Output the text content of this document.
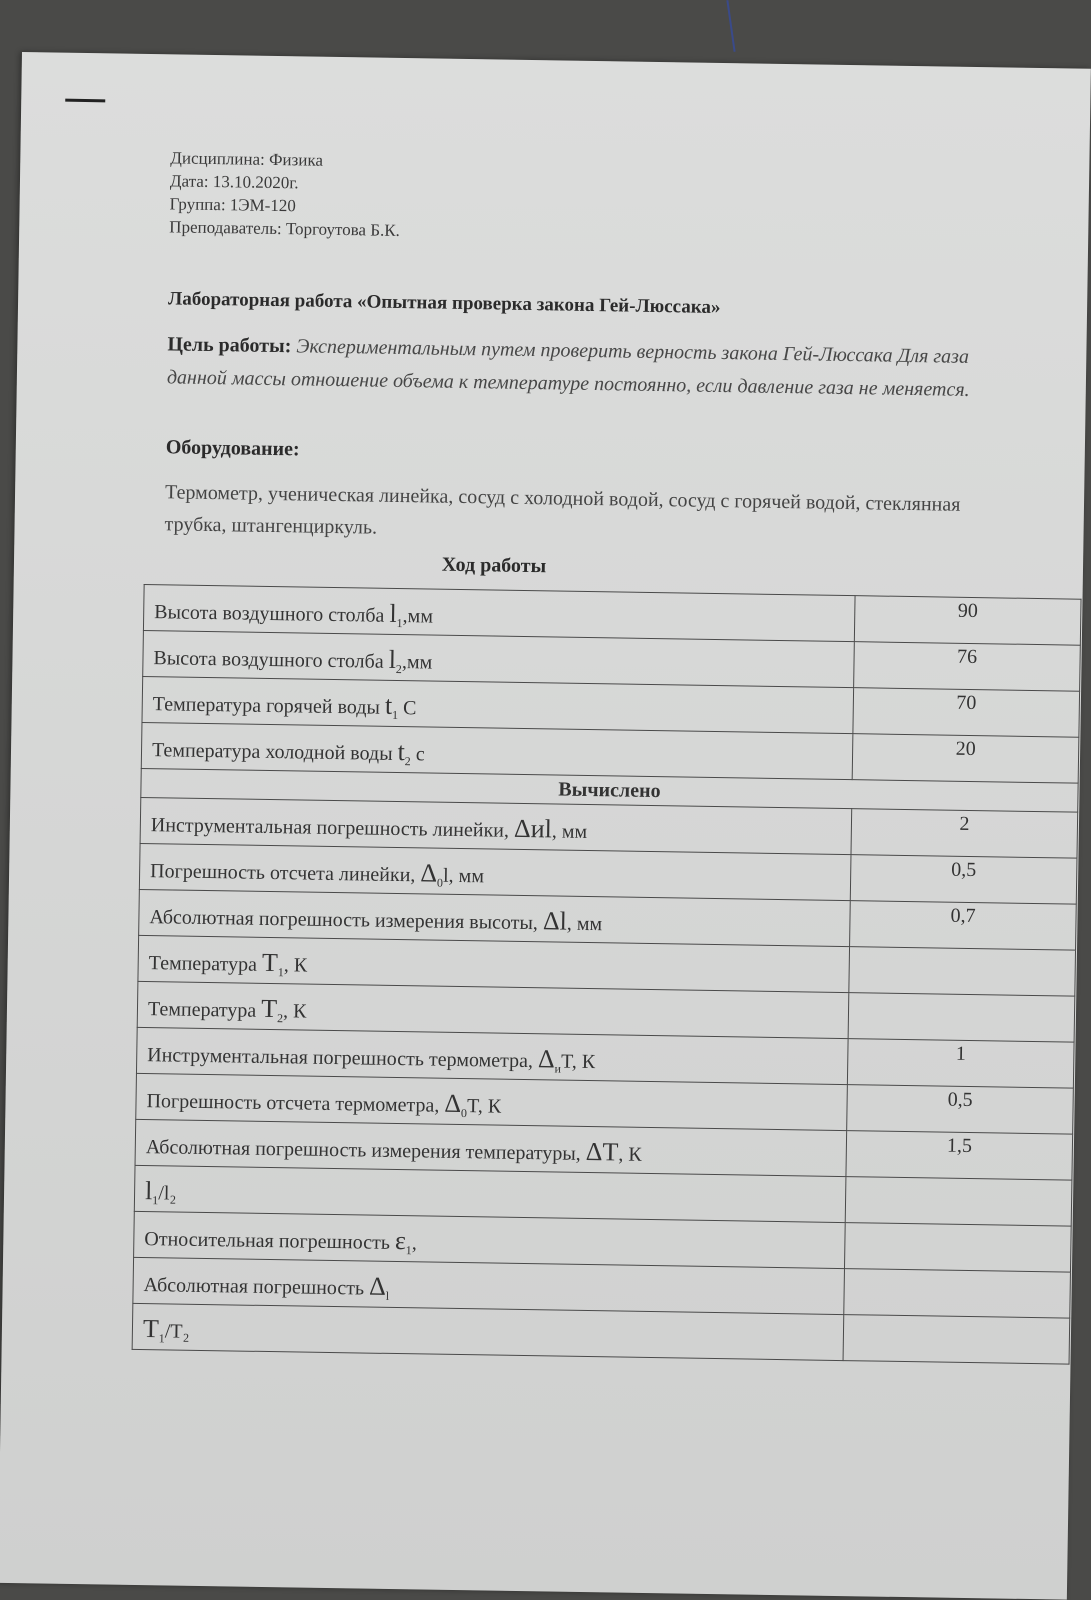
Дисциплина: Физика
Дата: 13.10.2020г.
Группа: 1ЭМ-120
Преподаватель: Торгоутова Б.К.
Лабораторная работа «Опытная проверка закона Гей-Люссака»
Цель работы: Экспериментальным путем проверить верность закона Гей-Люссака Для газа данной массы отношение объема к температуре постоянно, если давление газа не меняется.
Оборудование:
Термометр, ученическая линейка, сосуд с холодной водой, сосуд с горячей водой, стеклянная трубка, штангенциркуль.
Ход работы
Высота воздушного столба $l_1,мм$	90
Высота воздушного столба $l_2,мм$	76
Температура горячей воды $t_1$ С	70
Температура холодной воды $t_2$ с	20
Вычислено	
Инструментальная погрешность линейки, Δиl, мм	2
Погрешность отсчета линейки, $\Delta_0l$, мм	0,5
Абсолютная погрешность измерения высоты, Δl, мм	0,7
Температура $T_1$, К	
Температура $T_2$, К	
Инструментальная погрешность термометра, $\Delta_иT$, К	1
Погрешность отсчета термометра, $\Delta_0T$, К	0,5
Абсолютная погрешность измерения температуры, ΔT, К	1,5
$l_1/l_2$	
Относительная погрешность $\varepsilon_1$,	
Абсолютная погрешность $\Delta_l$	
$T_1/T_2$	
